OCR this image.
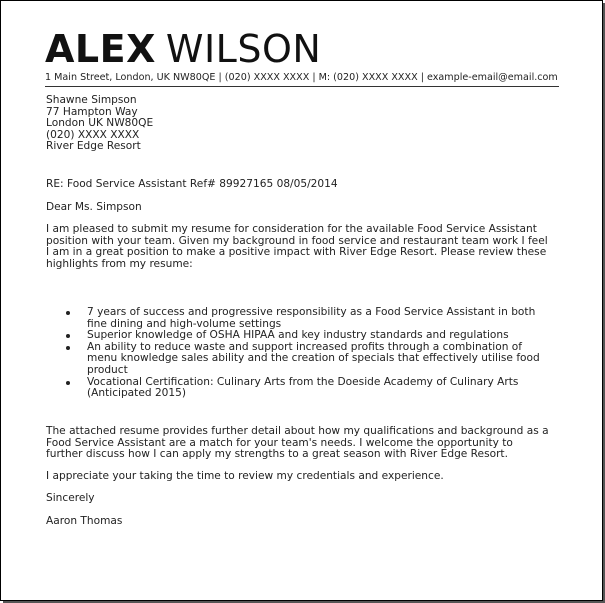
ALEX WILSON
1 Main Street, London, UK NW80QE | (020) XXXX XXXX | M: (020) XXXX XXXX | example-email@email.com
Shawne Simpson
77 Hampton Way
London UK NW80QE
(020) XXXX XXXX
River Edge Resort
RE: Food Service Assistant Ref# 89927165 08/05/2014
Dear Ms. Simpson
I am pleased to submit my resume for consideration for the available Food Service Assistant position with your team. Given my background in food service and restaurant team work I feel I am in a great position to make a positive impact with River Edge Resort. Please review these highlights from my resume:
7 years of success and progressive responsibility as a Food Service Assistant in both fine dining and high-volume settings
Superior knowledge of OSHA HIPAA and key industry standards and regulations
An ability to reduce waste and support increased profits through a combination of menu knowledge sales ability and the creation of specials that effectively utilise food product
Vocational Certification: Culinary Arts from the Doeside Academy of Culinary Arts (Anticipated 2015)
The attached resume provides further detail about how my qualifications and background as a Food Service Assistant are a match for your team's needs. I welcome the opportunity to further discuss how I can apply my strengths to a great season with River Edge Resort.
I appreciate your taking the time to review my credentials and experience.
Sincerely
Aaron Thomas
